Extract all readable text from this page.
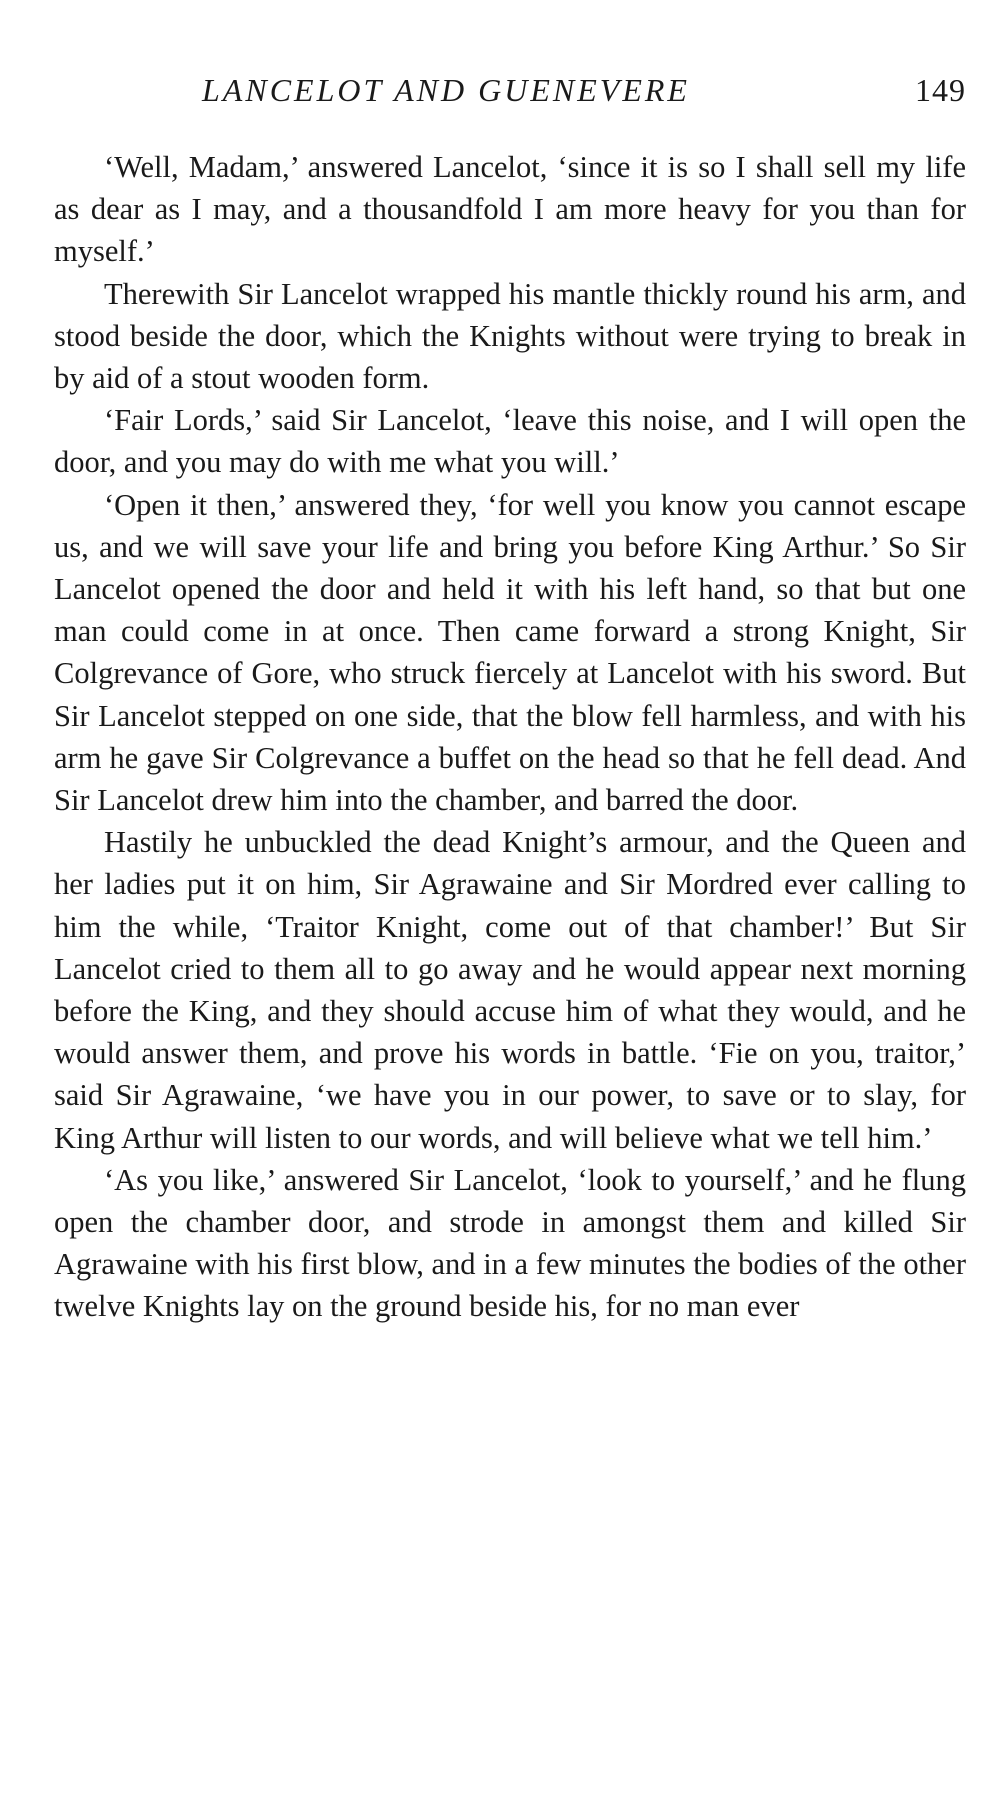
LANCELOT AND GUENEVERE	149

‘Well, Madam,’ answered Lancelot, ‘since it is so I shall sell my life as dear as I may, and a thousandfold I am more heavy for you than for myself.’

Therewith Sir Lancelot wrapped his mantle thickly round his arm, and stood beside the door, which the Knights without were trying to break in by aid of a stout wooden form.

‘Fair Lords,’ said Sir Lancelot, ‘leave this noise, and I will open the door, and you may do with me what you will.’

‘Open it then,’ answered they, ‘for well you know you cannot escape us, and we will save your life and bring you before King Arthur.’ So Sir Lancelot opened the door and held it with his left hand, so that but one man could come in at once. Then came forward a strong Knight, Sir Colgrevance of Gore, who struck fiercely at Lancelot with his sword. But Sir Lancelot stepped on one side, that the blow fell harmless, and with his arm he gave Sir Colgrevance a buffet on the head so that he fell dead. And Sir Lancelot drew him into the chamber, and barred the door.

Hastily he unbuckled the dead Knight’s armour, and the Queen and her ladies put it on him, Sir Agrawaine and Sir Mordred ever calling to him the while, ‘Traitor Knight, come out of that chamber!’ But Sir Lancelot cried to them all to go away and he would appear next morning before the King, and they should accuse him of what they would, and he would answer them, and prove his words in battle. ‘Fie on you, traitor,’ said Sir Agrawaine, ‘we have you in our power, to save or to slay, for King Arthur will listen to our words, and will believe what we tell him.’

‘As you like,’ answered Sir Lancelot, ‘look to yourself,’ and he flung open the chamber door, and strode in amongst them and killed Sir Agrawaine with his first blow, and in a few minutes the bodies of the other twelve Knights lay on the ground beside his, for no man ever
